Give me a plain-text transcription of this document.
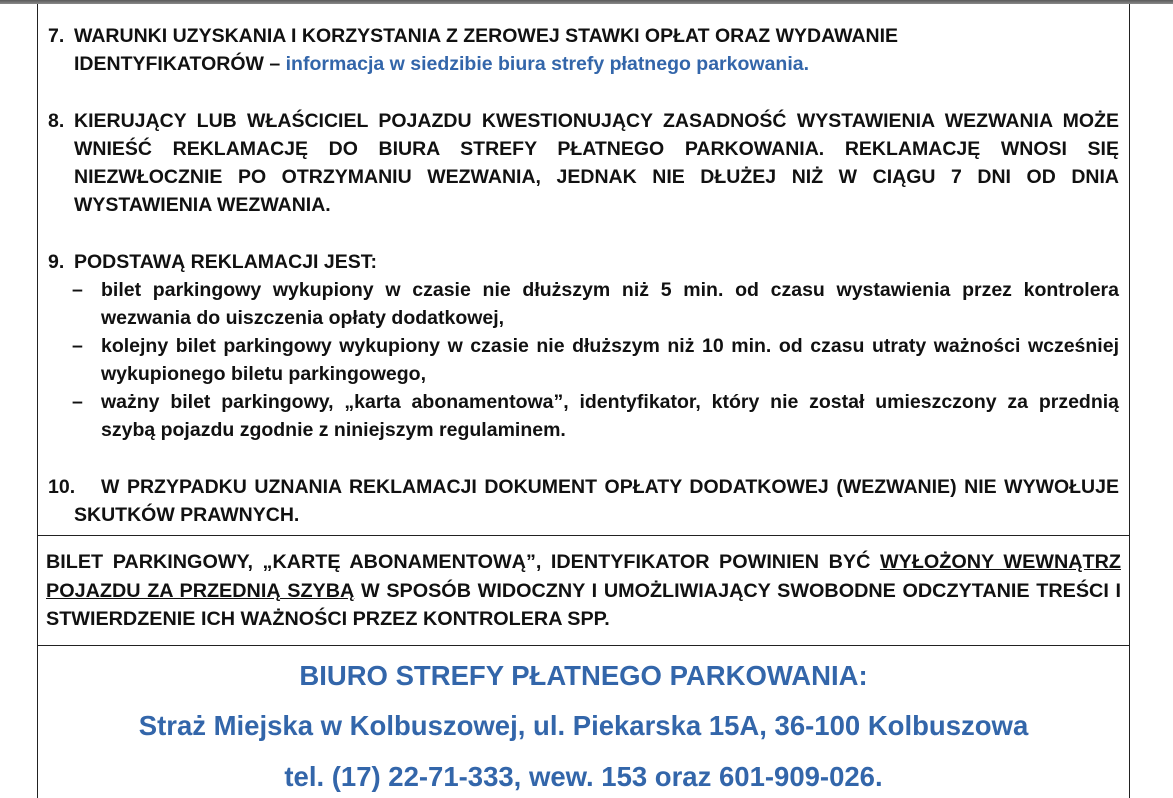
7. WARUNKI UZYSKANIA I KORZYSTANIA Z ZEROWEJ STAWKI OPŁAT ORAZ WYDAWANIE
IDENTYFIKATORÓW – informacja w siedzibie biura strefy płatnego parkowania.

8. KIERUJĄCY LUB WŁAŚCICIEL POJAZDU KWESTIONUJĄCY ZASADNOŚĆ WYSTAWIENIA WEZWANIA MOŻE WNIEŚĆ REKLAMACJĘ DO BIURA STREFY PŁATNEGO PARKOWANIA. REKLAMACJĘ WNOSI SIĘ NIEZWŁOCZNIE PO OTRZYMANIU WEZWANIA, JEDNAK NIE DŁUŻEJ NIŻ W CIĄGU 7 DNI OD DNIA WYSTAWIENIA WEZWANIA.

9. PODSTAWĄ REKLAMACJI JEST:

– bilet parkingowy wykupiony w czasie nie dłuższym niż 5 min. od czasu wystawienia przez kontrolera wezwania do uiszczenia opłaty dodatkowej,
– kolejny bilet parkingowy wykupiony w czasie nie dłuższym niż 10 min. od czasu utraty ważności wcześniej wykupionego biletu parkingowego,
– ważny bilet parkingowy, „karta abonamentowa”, identyfikator, który nie został umieszczony za przednią szybą pojazdu zgodnie z niniejszym regulaminem.
10. W PRZYPADKU UZNANIA REKLAMACJI DOKUMENT OPŁATY DODATKOWEJ (WEZWANIE) NIE WYWOŁUJE SKUTKÓW PRAWNYCH.

BILET PARKINGOWY, „KARTĘ ABONAMENTOWĄ”, IDENTYFIKATOR POWINIEN BYĆ WYŁOŻONY WEWNĄTRZ POJAZDU ZA PRZEDNIĄ SZYBĄ W SPOSÓB WIDOCZNY I UMOŻLIWIAJĄCY SWOBODNE ODCZYTANIE TREŚCI I STWIERDZENIE ICH WAŻNOŚCI PRZEZ KONTROLERA SPP.

BIURO STREFY PŁATNEGO PARKOWANIA:
Straż Miejska w Kolbuszowej, ul. Piekarska 15A, 36-100 Kolbuszowa
tel. (17) 22-71-333, wew. 153 oraz 601-909-026.
